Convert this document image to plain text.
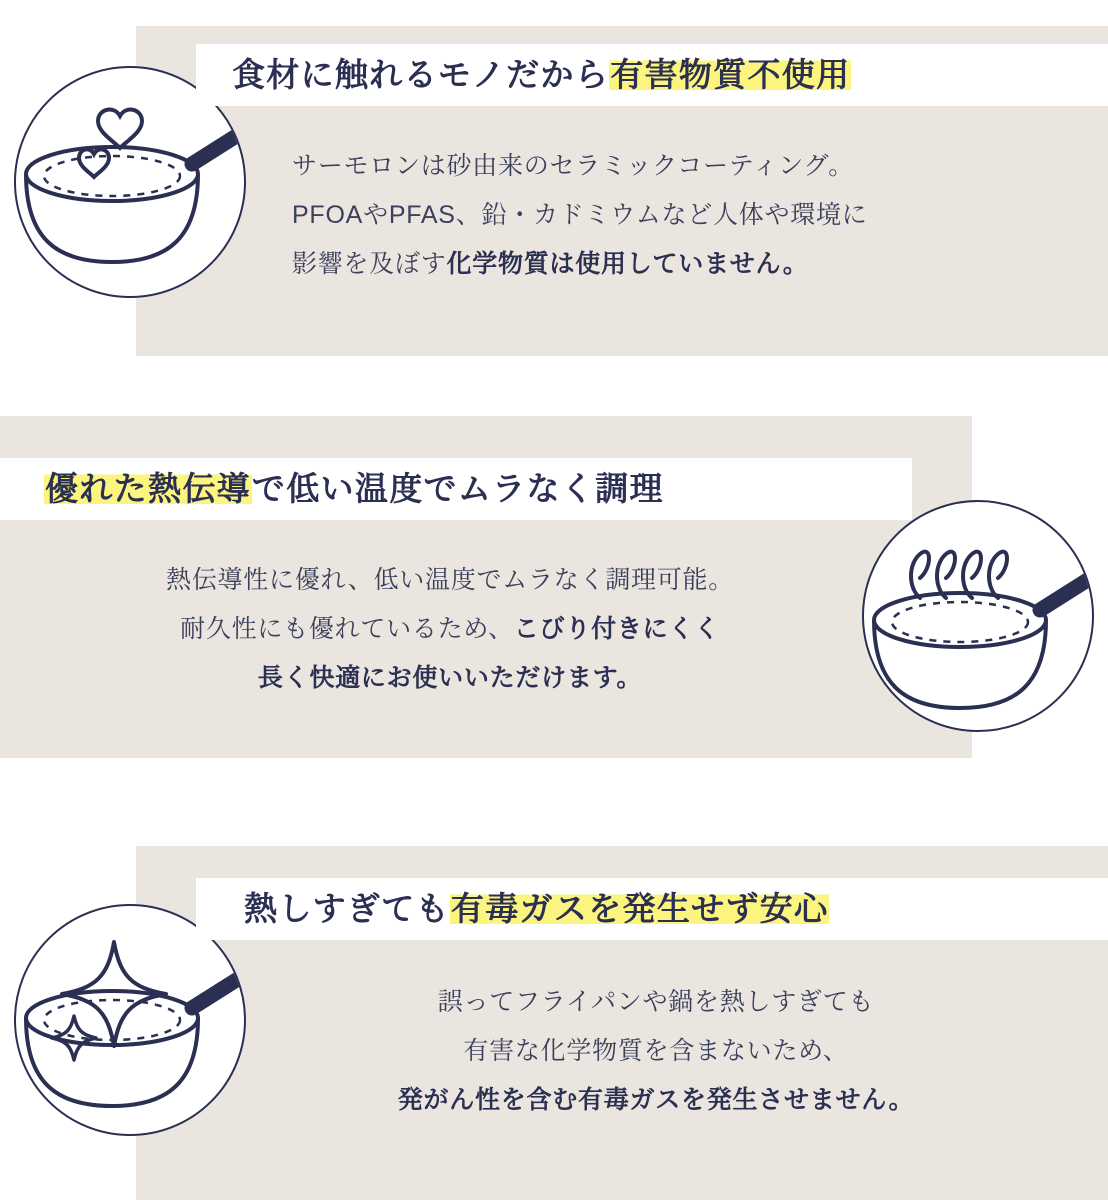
食材に触れるモノだから有害物質不使用
サーモロンは砂由来のセラミックコーティング。
PFOAやPFAS、鉛・カドミウムなど人体や環境に
影響を及ぼす化学物質は使用していません。
優れた熱伝導で低い温度でムラなく調理
熱伝導性に優れ、低い温度でムラなく調理可能。
耐久性にも優れているため、こびり付きにくく
長く快適にお使いいただけます。
熱しすぎても有毒ガスを発生せず安心
誤ってフライパンや鍋を熱しすぎても
有害な化学物質を含まないため、
発がん性を含む有毒ガスを発生させません。
